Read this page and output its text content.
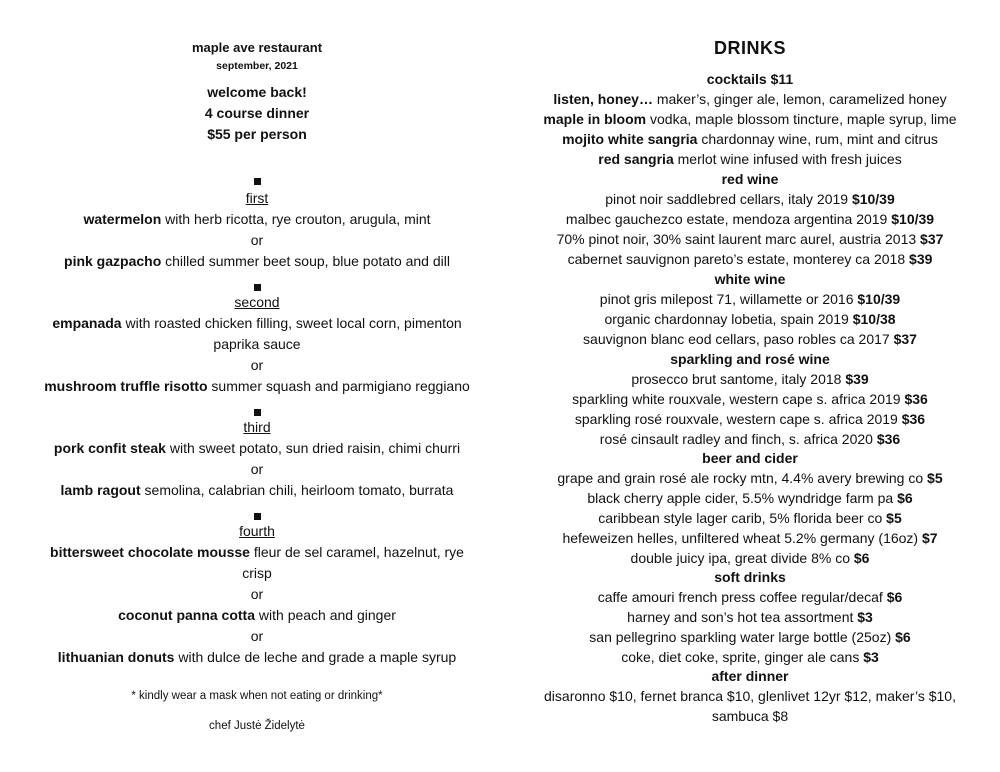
maple ave restaurant
september, 2021
welcome back!
4 course dinner
$55 per person
first
watermelon with herb ricotta, rye crouton, arugula, mint
or
pink gazpacho chilled summer beet soup, blue potato and dill
second
empanada with roasted chicken filling, sweet local corn, pimenton
paprika sauce
or
mushroom truffle risotto summer squash and parmigiano reggiano
third
pork confit steak with sweet potato, sun dried raisin, chimi churri
or
lamb ragout semolina, calabrian chili, heirloom tomato, burrata
fourth
bittersweet chocolate mousse fleur de sel caramel, hazelnut, rye
crisp
or
coconut panna cotta with peach and ginger
or
lithuanian donuts with dulce de leche and grade a maple syrup
* kindly wear a mask when not eating or drinking*
chef Justė Židelytė
DRINKS
cocktails $11
listen, honey… maker’s, ginger ale, lemon, caramelized honey
maple in bloom vodka, maple blossom tincture, maple syrup, lime
mojito white sangria chardonnay wine, rum, mint and citrus
red sangria merlot wine infused with fresh juices
red wine
pinot noir saddlebred cellars, italy 2019 $10/39
malbec gauchezco estate, mendoza argentina 2019 $10/39
70% pinot noir, 30% saint laurent marc aurel, austria 2013 $37
cabernet sauvignon pareto’s estate, monterey ca 2018 $39
white wine
pinot gris milepost 71, willamette or 2016 $10/39
organic chardonnay lobetia, spain 2019 $10/38
sauvignon blanc eod cellars, paso robles ca 2017 $37
sparkling and rosé wine
prosecco brut santome, italy 2018 $39
sparkling white rouxvale, western cape s. africa 2019 $36
sparkling rosé rouxvale, western cape s. africa 2019 $36
rosé cinsault radley and finch, s. africa 2020 $36
beer and cider
grape and grain rosé ale rocky mtn, 4.4% avery brewing co $5
black cherry apple cider, 5.5% wyndridge farm pa $6
caribbean style lager carib, 5% florida beer co $5
hefeweizen helles, unfiltered wheat 5.2% germany (16oz) $7
double juicy ipa, great divide 8% co $6
soft drinks
caffe amouri french press coffee regular/decaf $6
harney and son’s hot tea assortment $3
san pellegrino sparkling water large bottle (25oz) $6
coke, diet coke, sprite, ginger ale cans $3
after dinner
disaronno $10, fernet branca $10, glenlivet 12yr $12, maker’s $10,
sambuca $8
